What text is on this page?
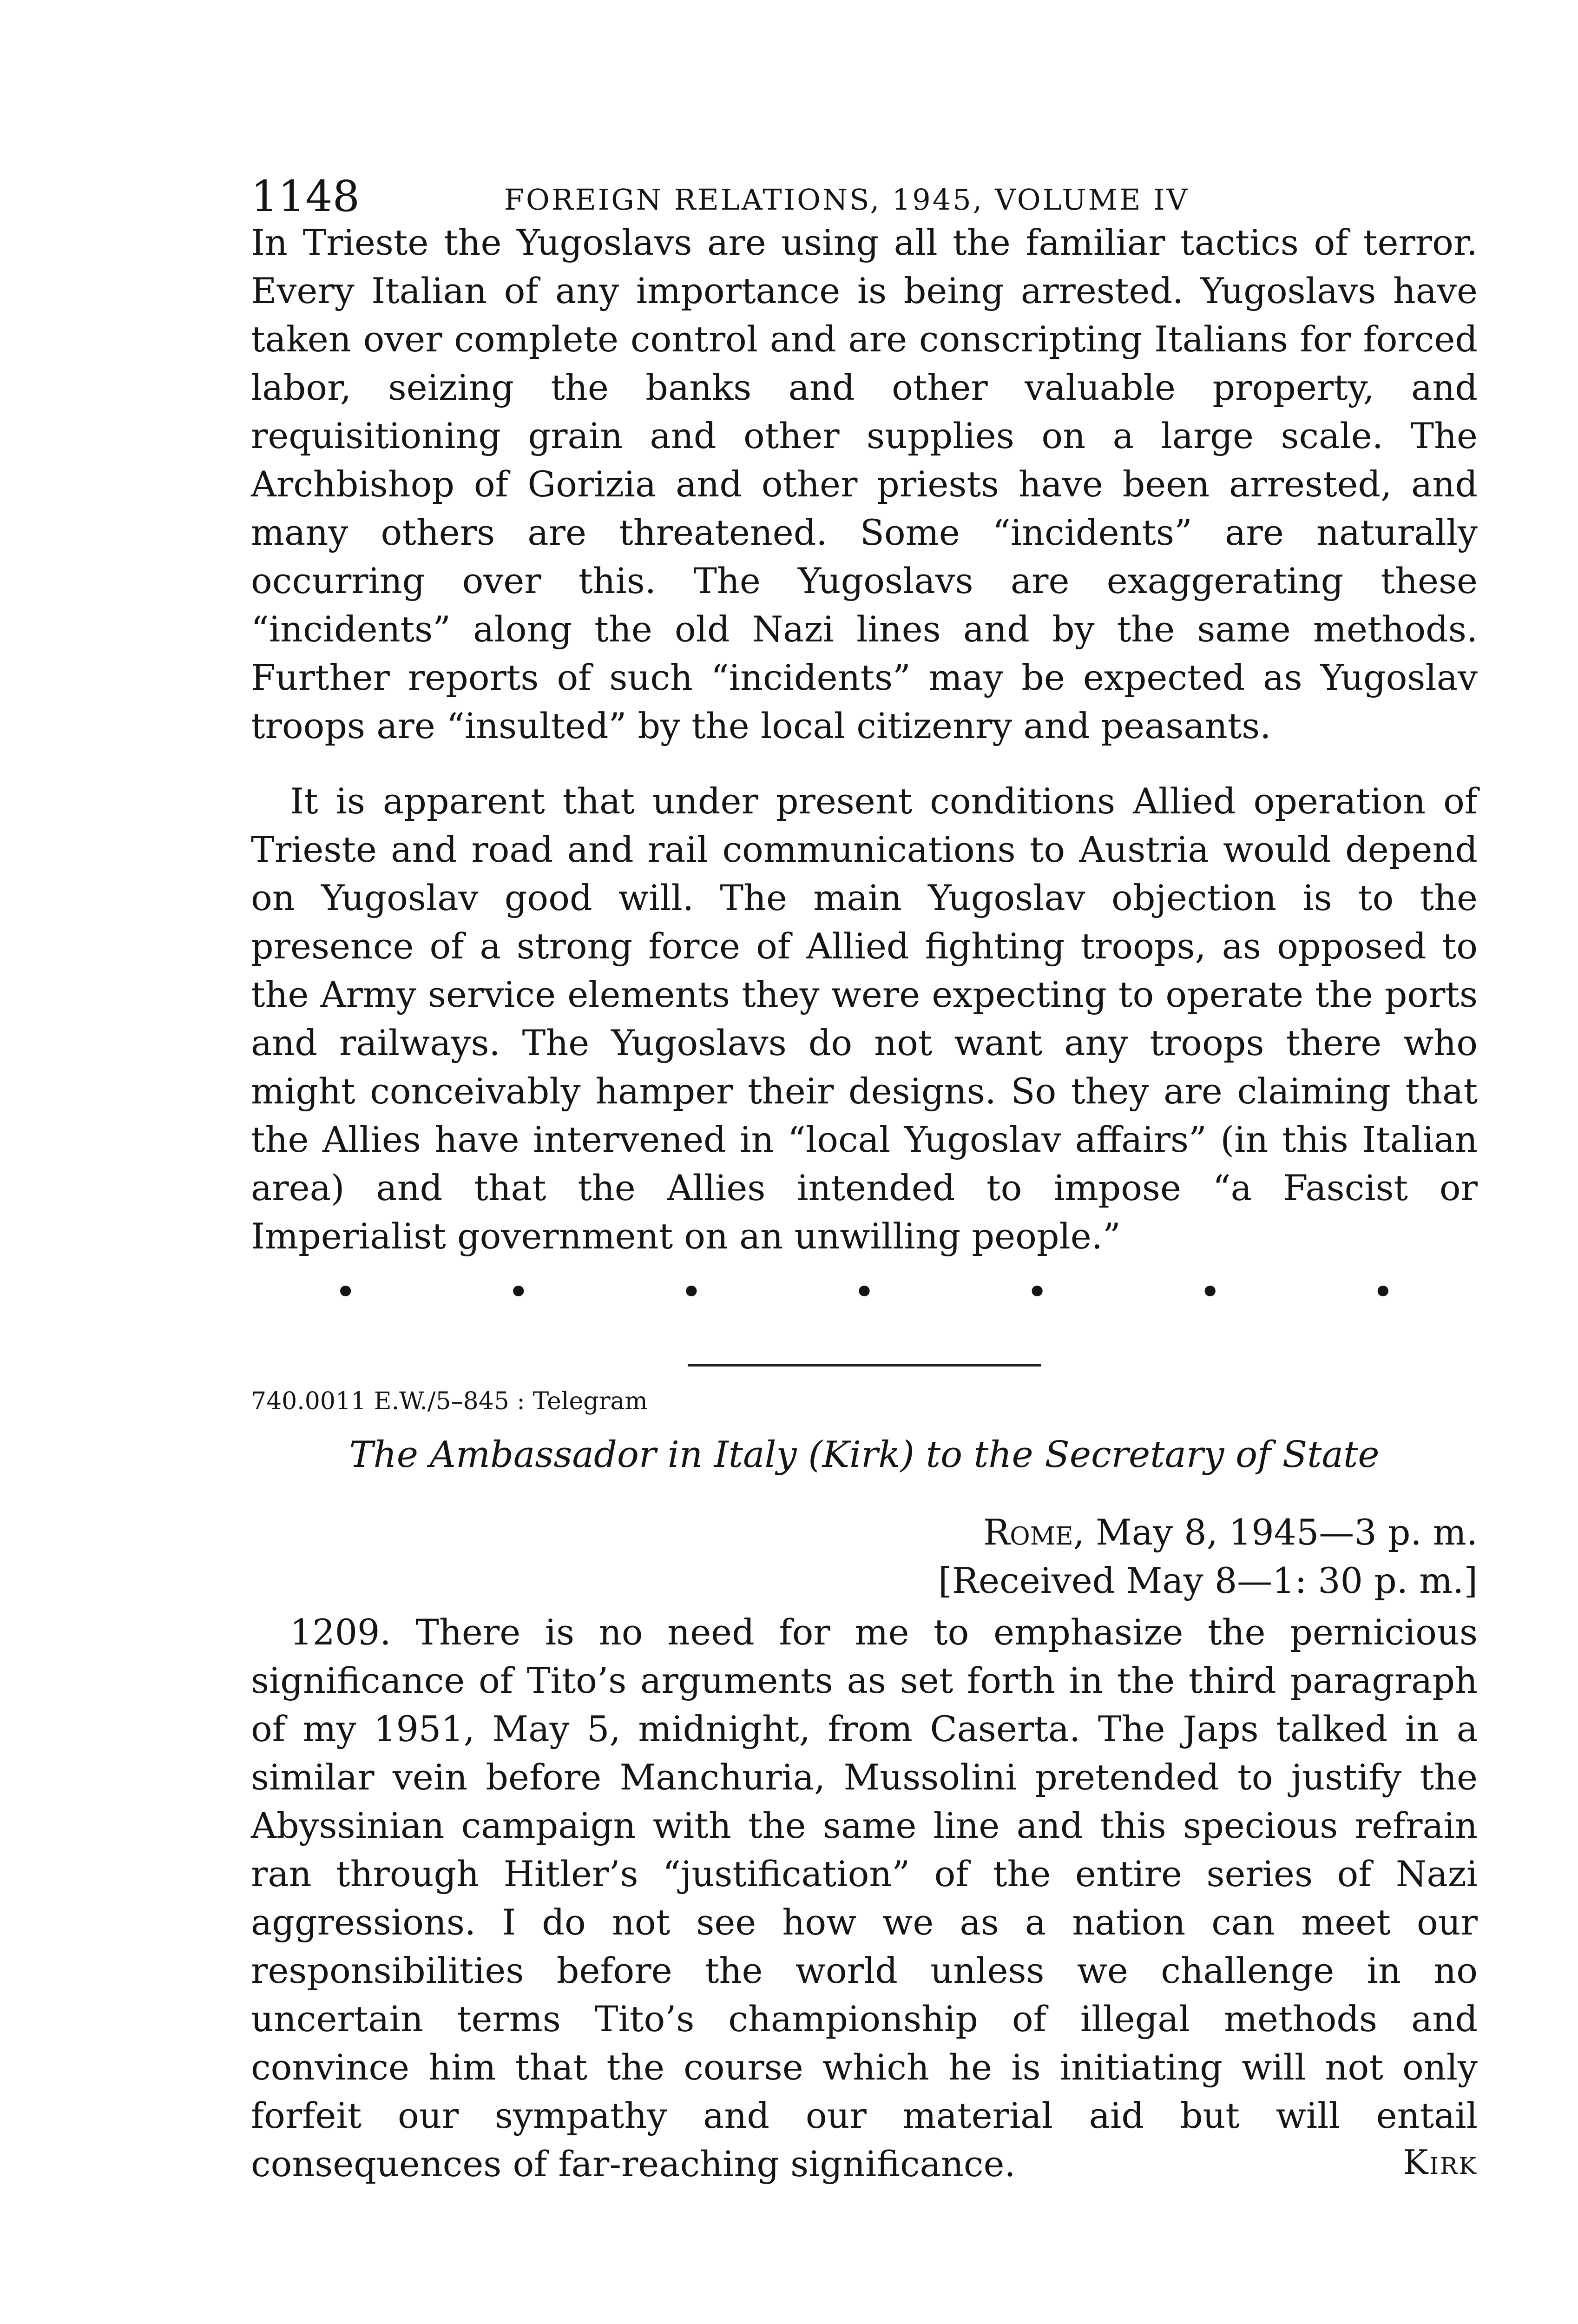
1148	FOREIGN RELATIONS, 1945, VOLUME IV

In Trieste the Yugoslavs are using all the familiar tactics of terror. Every Italian of any importance is being arrested. Yugoslavs have taken over complete control and are conscripting Italians for forced labor, seizing the banks and other valuable property, and requisitioning grain and other supplies on a large scale. The Archbishop of Gorizia and other priests have been arrested, and many others are threatened. Some “incidents” are naturally occurring over this. The Yugoslavs are exaggerating these “incidents” along the old Nazi lines and by the same methods. Further reports of such “incidents” may be expected as Yugoslav troops are “insulted” by the local citizenry and peasants.

It is apparent that under present conditions Allied operation of Trieste and road and rail communications to Austria would depend on Yugoslav good will. The main Yugoslav objection is to the presence of a strong force of Allied fighting troops, as opposed to the Army service elements they were expecting to operate the ports and railways. The Yugoslavs do not want any troops there who might conceivably hamper their designs. So they are claiming that the Allies have intervened in “local Yugoslav affairs” (in this Italian area) and that the Allies intended to impose “a Fascist or Imperialist government on an unwilling people.”

•	•	•	•	•	•	•
740.0011 E.W./5–845 : Telegram
The Ambassador in Italy (Kirk) to the Secretary of State
Rome, May 8, 1945—3 p. m.
[Received May 8—1: 30 p. m.]

1209. There is no need for me to emphasize the pernicious significance of Tito’s arguments as set forth in the third paragraph of my 1951, May 5, midnight, from Caserta. The Japs talked in a similar vein before Manchuria, Mussolini pretended to justify the Abyssinian campaign with the same line and this specious refrain ran through Hitler’s “justification” of the entire series of Nazi aggressions. I do not see how we as a nation can meet our responsibilities before the world unless we challenge in no uncertain terms Tito’s championship of illegal methods and convince him that the course which he is initiating will not only forfeit our sympathy and our material aid but will entail consequences of far-reaching significance.	Kirk
